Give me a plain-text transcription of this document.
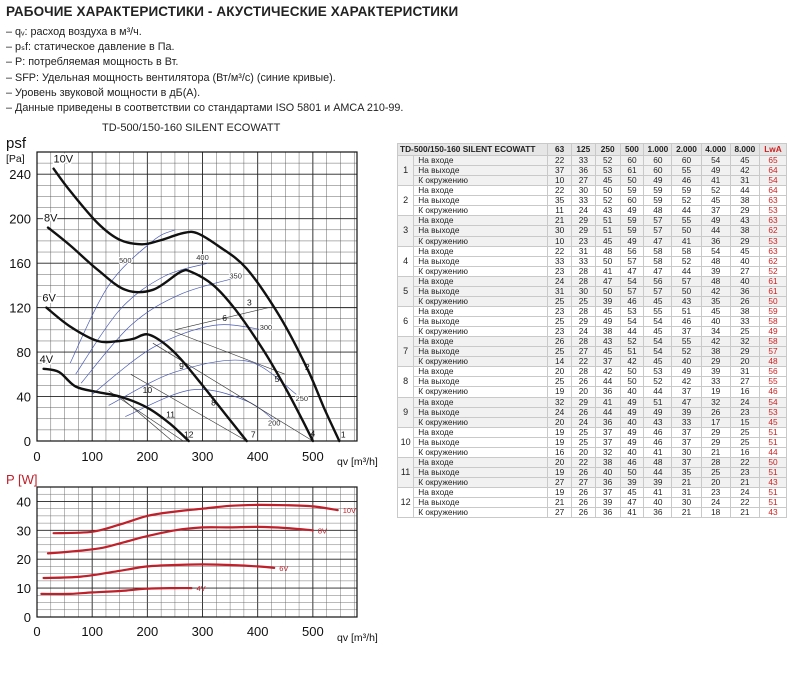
РАБОЧИЕ ХАРАКТЕРИСТИКИ - АКУСТИЧЕСКИЕ ХАРАКТЕРИСТИКИ
– qᵥ: расход воздуха в м³/ч.
– pₛf: статическое давление в Па.
– P: потребляемая мощность в Вт.
– SFP: Удельная мощность вентилятора (Вт/м³/с) (синие кривые).
– Уровень звуковой мощности в дБ(А).
– Данные приведены в соответствии со стандартами ISO 5801 и AMCA 210-99.
TD-500/150-160 SILENT ECOWATT
0	100	200	300	400	500
0
40
80
120
160
200
240
psf
[Pa]
qv [m³/h]
500	400
350
300
250
200
1
2
3
4
5
6
7
8
9
10
11
12
10V
8V
6V
4V
0	100	200	300	400	500
0
10
20
30
40
P [W]
qv [m³/h]
10V
8V
6V
4V
TD-500/150-160 SILENT ECOWATT		63	125	250	500	1.000	2.000	4.000	8.000	LwA
1	На входе	22	33	52	60	60	60	54	45	65
	На выходе	37	36	53	61	60	55	49	42	64
	К окружению	10	27	45	50	49	46	41	31	54
2	На входе	22	30	50	59	59	59	52	44	64
	На выходе	35	33	52	60	59	52	45	38	63
	К окружению	11	24	43	49	48	44	37	29	53
3	На входе	21	29	51	59	57	55	49	43	63
	На выходе	30	29	51	59	57	50	44	38	62
	К окружению	10	23	45	49	47	41	36	29	53
4	На входе	22	31	48	56	58	58	54	45	63
	На выходе	33	33	50	57	58	52	48	40	62
	К окружению	23	28	41	47	47	44	39	27	52
5	На входе	24	28	47	54	56	57	48	40	61
	На выходе	31	30	50	57	57	50	42	36	61
	К окружению	25	25	39	46	45	43	35	26	50
6	На входе	23	28	45	53	55	51	45	38	59
	На выходе	25	29	49	54	54	46	40	33	58
	К окружению	23	24	38	44	45	37	34	25	49
7	На входе	26	28	43	52	54	55	42	32	58
	На выходе	25	27	45	51	54	52	38	29	57
	К окружению	14	22	37	42	45	40	29	20	48
8	На входе	20	28	42	50	53	49	39	31	56
	На выходе	25	26	44	50	52	42	33	27	55
	К окружению	19	20	36	40	44	37	19	16	46
9	На входе	32	29	41	49	51	47	32	24	54
	На выходе	24	26	44	49	49	39	26	23	53
	К окружению	20	24	36	40	43	33	17	15	45
10	На входе	19	25	37	49	46	37	29	25	51
	На выходе	19	25	37	49	46	37	29	25	51
	К окружению	16	20	32	40	41	30	21	16	44
11	На входе	20	22	38	46	48	37	28	22	50
	На выходе	19	26	40	50	44	35	25	23	51
	К окружению	27	27	36	39	39	21	20	21	43
12	На входе	19	26	37	45	41	31	23	24	51
	На выходе	21	26	39	47	40	30	24	22	51
	К окружению	27	26	36	41	36	21	18	21	43
